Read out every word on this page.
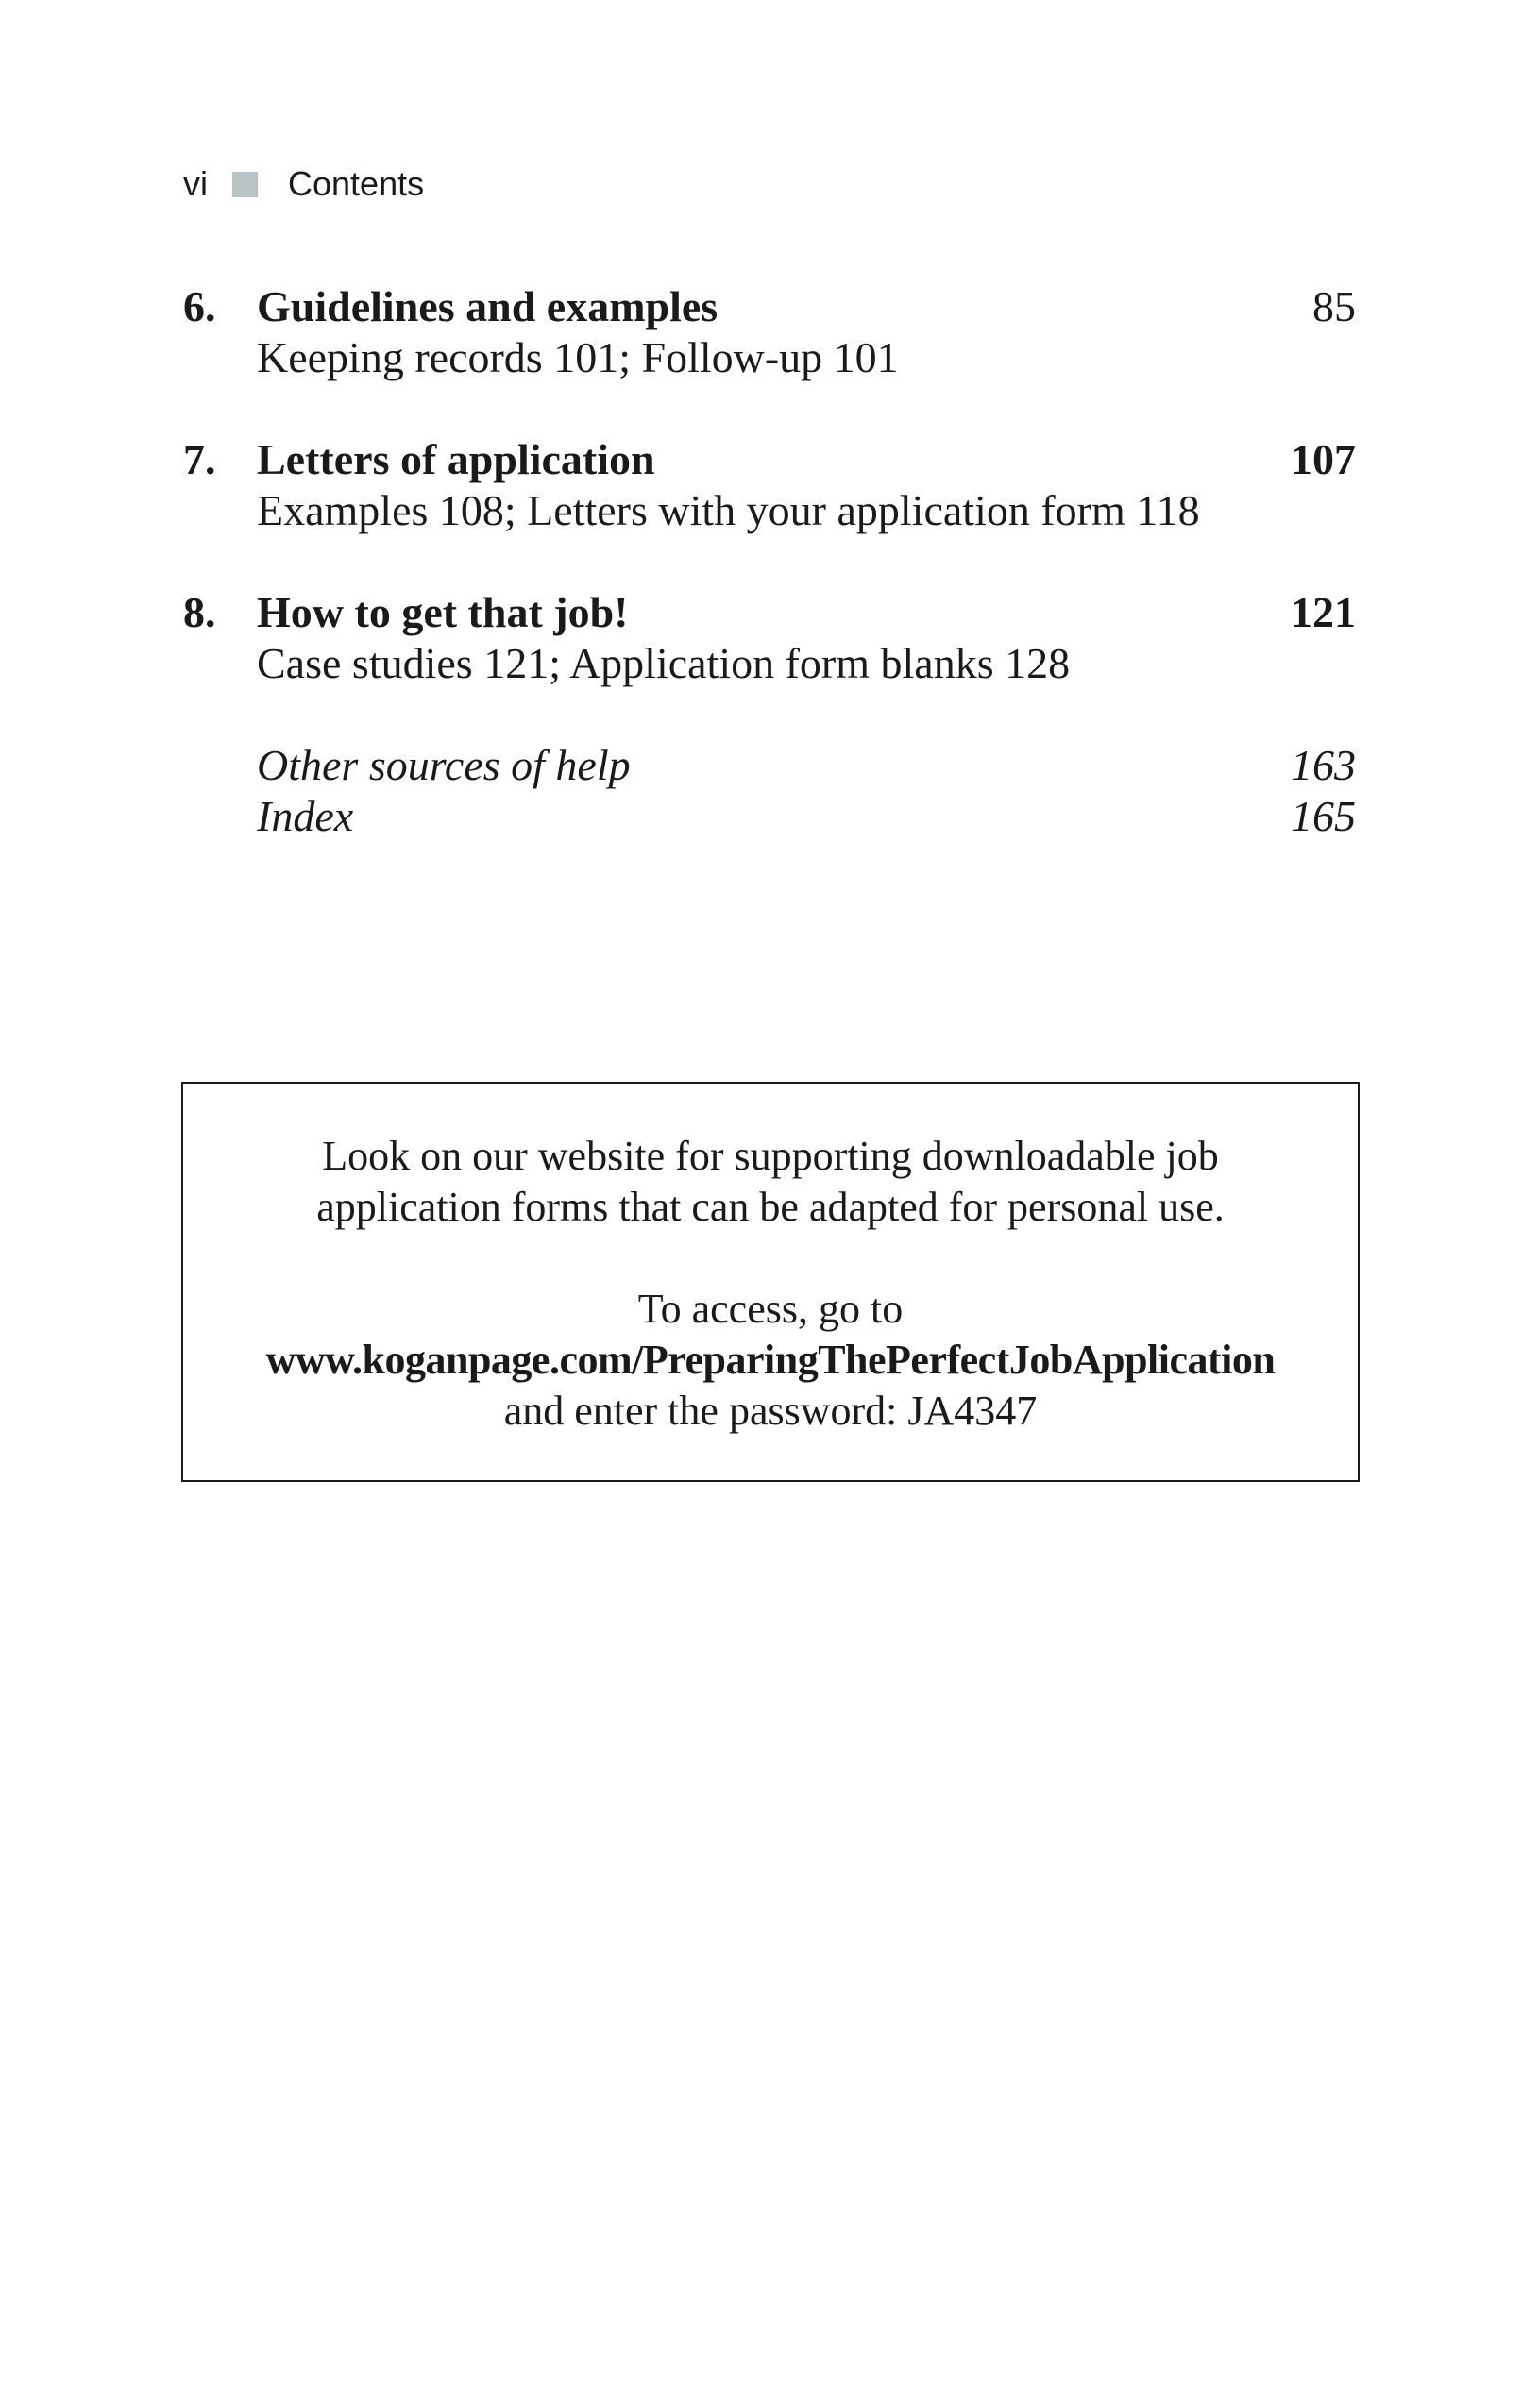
vi Contents
6. Guidelines and examples	85
Keeping records 101; Follow-up 101
7. Letters of application	107
Examples 108; Letters with your application form 118
8. How to get that job!	121
Case studies 121; Application form blanks 128
Other sources of help	163
Index	165

Look on our website for supporting downloadable job

application forms that can be adapted for personal use.

To access, go to

www.koganpage.com/PreparingThePerfectJobApplication

and enter the password: JA4347
